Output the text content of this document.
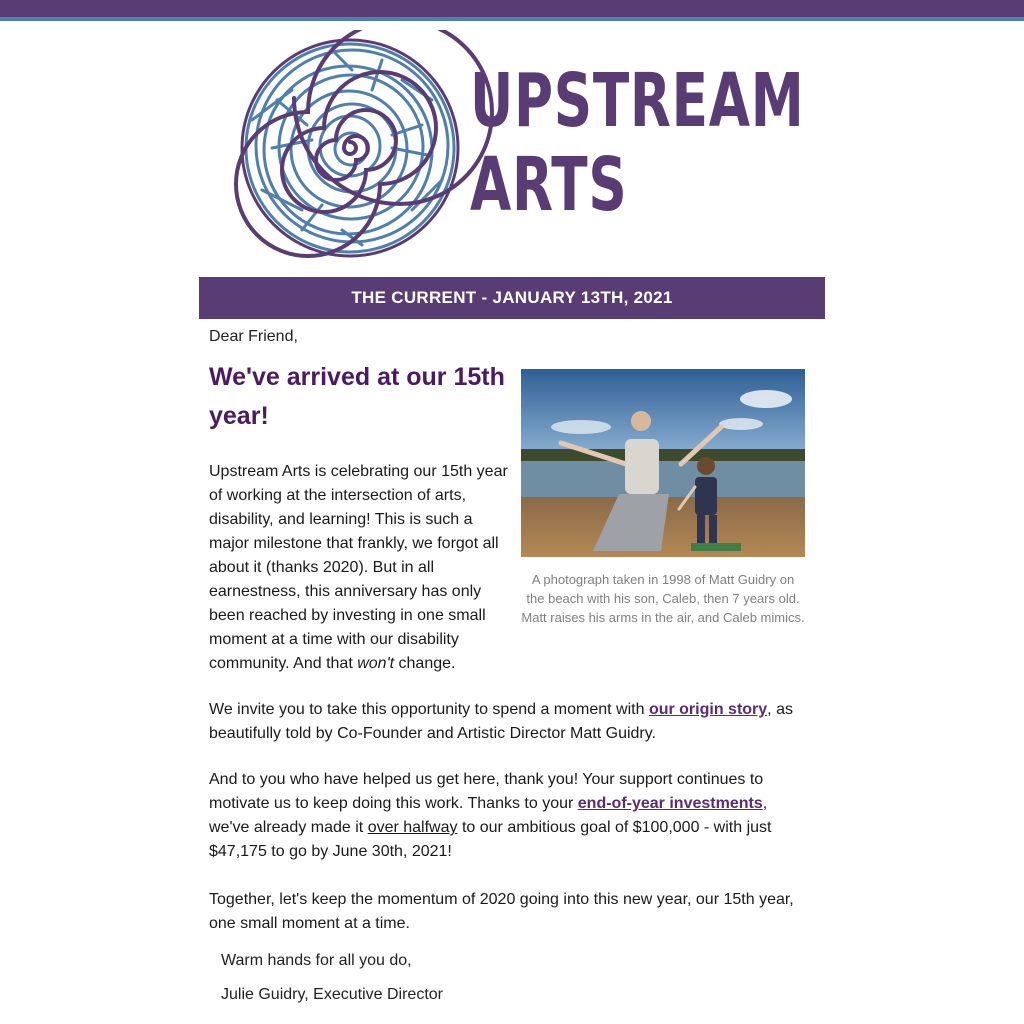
UPSTREAM
ARTS
THE CURRENT - JANUARY 13TH, 2021
Dear Friend,
We've arrived at our 15th year!
Upstream Arts is celebrating our 15th year of working at the intersection of arts, disability, and learning! This is such a major milestone that frankly, we forgot all about it (thanks 2020). But in all earnestness, this anniversary has only been reached by investing in one small moment at a time with our disability community. And that won't change.
A photograph taken in 1998 of Matt Guidry on the beach with his son, Caleb, then 7 years old. Matt raises his arms in the air, and Caleb mimics.
We invite you to take this opportunity to spend a moment with our origin story, as beautifully told by Co-Founder and Artistic Director Matt Guidry.
And to you who have helped us get here, thank you! Your support continues to motivate us to keep doing this work. Thanks to your end-of-year investments, we've already made it over halfway to our ambitious goal of $100,000 - with just $47,175 to go by June 30th, 2021!
Together, let's keep the momentum of 2020 going into this new year, our 15th year, one small moment at a time.
Warm hands for all you do,
Julie Guidry, Executive Director
